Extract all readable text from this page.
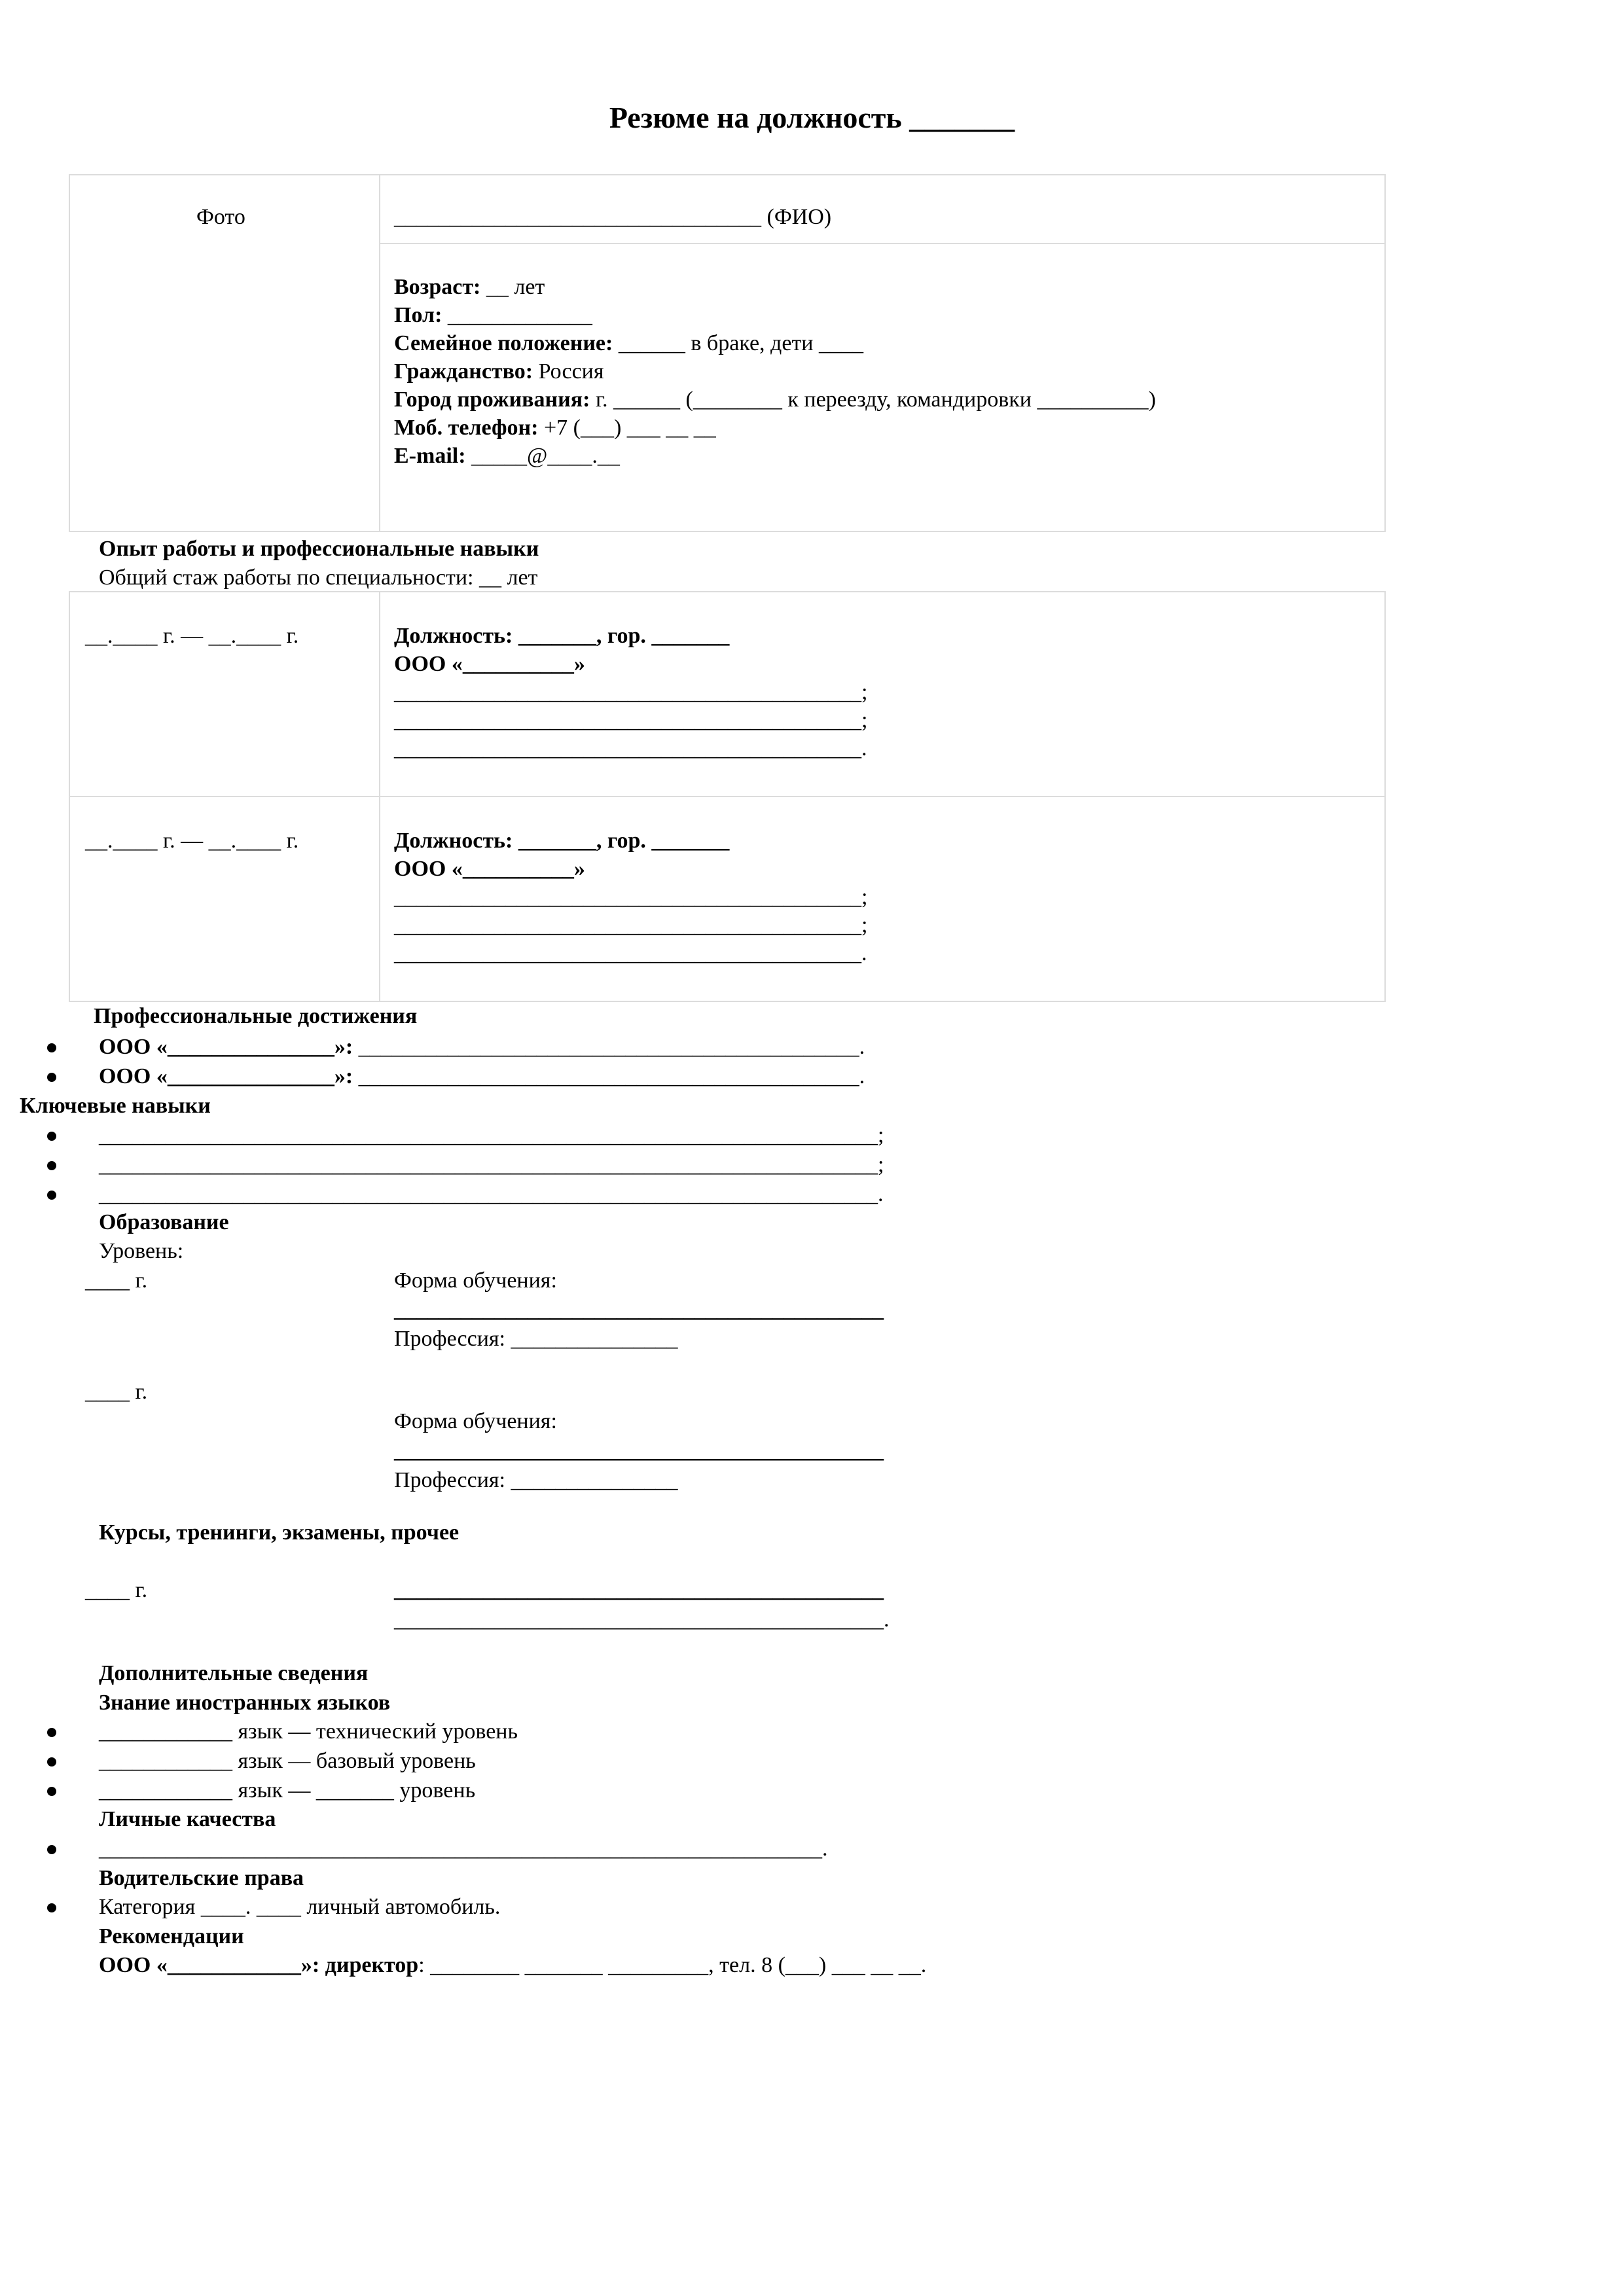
Резюме на должность _______
Фото	_________________________________ (ФИО)
Возраст: __ лет
Пол: _____________
Семейное положение: ______ в браке, дети ____
Гражданство: Россия
Город проживания: г. ______ (________ к переезду, командировки __________)
Моб. телефон: +7 (___) ___ __ __
E-mail: _____@____.__
Опыт работы и профессиональные навыки
Общий стаж работы по специальности: __ лет
__.____ г. — __.____ г.	Должность: _______, гор. _______
ООО «__________»
__________________________________________;
__________________________________________;
__________________________________________.
__.____ г. — __.____ г.	Должность: _______, гор. _______
ООО «__________»
__________________________________________;
__________________________________________;
__________________________________________.
Профессиональные достижения
ООО «_______________»: _____________________________________________.
ООО «_______________»: _____________________________________________.
Ключевые навыки
______________________________________________________________________;
______________________________________________________________________;
______________________________________________________________________.
Образование
Уровень:
____ г.	Форма обучения:
____________________________________________
Профессия: _______________
____ г.
Форма обучения:
____________________________________________
Профессия: _______________
Курсы, тренинги, экзамены, прочее
____ г.	____________________________________________
____________________________________________.
Дополнительные сведения
Знание иностранных языков
____________ язык — технический уровень
____________ язык — базовый уровень
____________ язык — _______ уровень
Личные качества
_________________________________________________________________.
Водительские права
Категория ____. ____ личный автомобиль.
Рекомендации
ООО «____________»: директор: ________ _______ _________, тел. 8 (___) ___ __ __.
